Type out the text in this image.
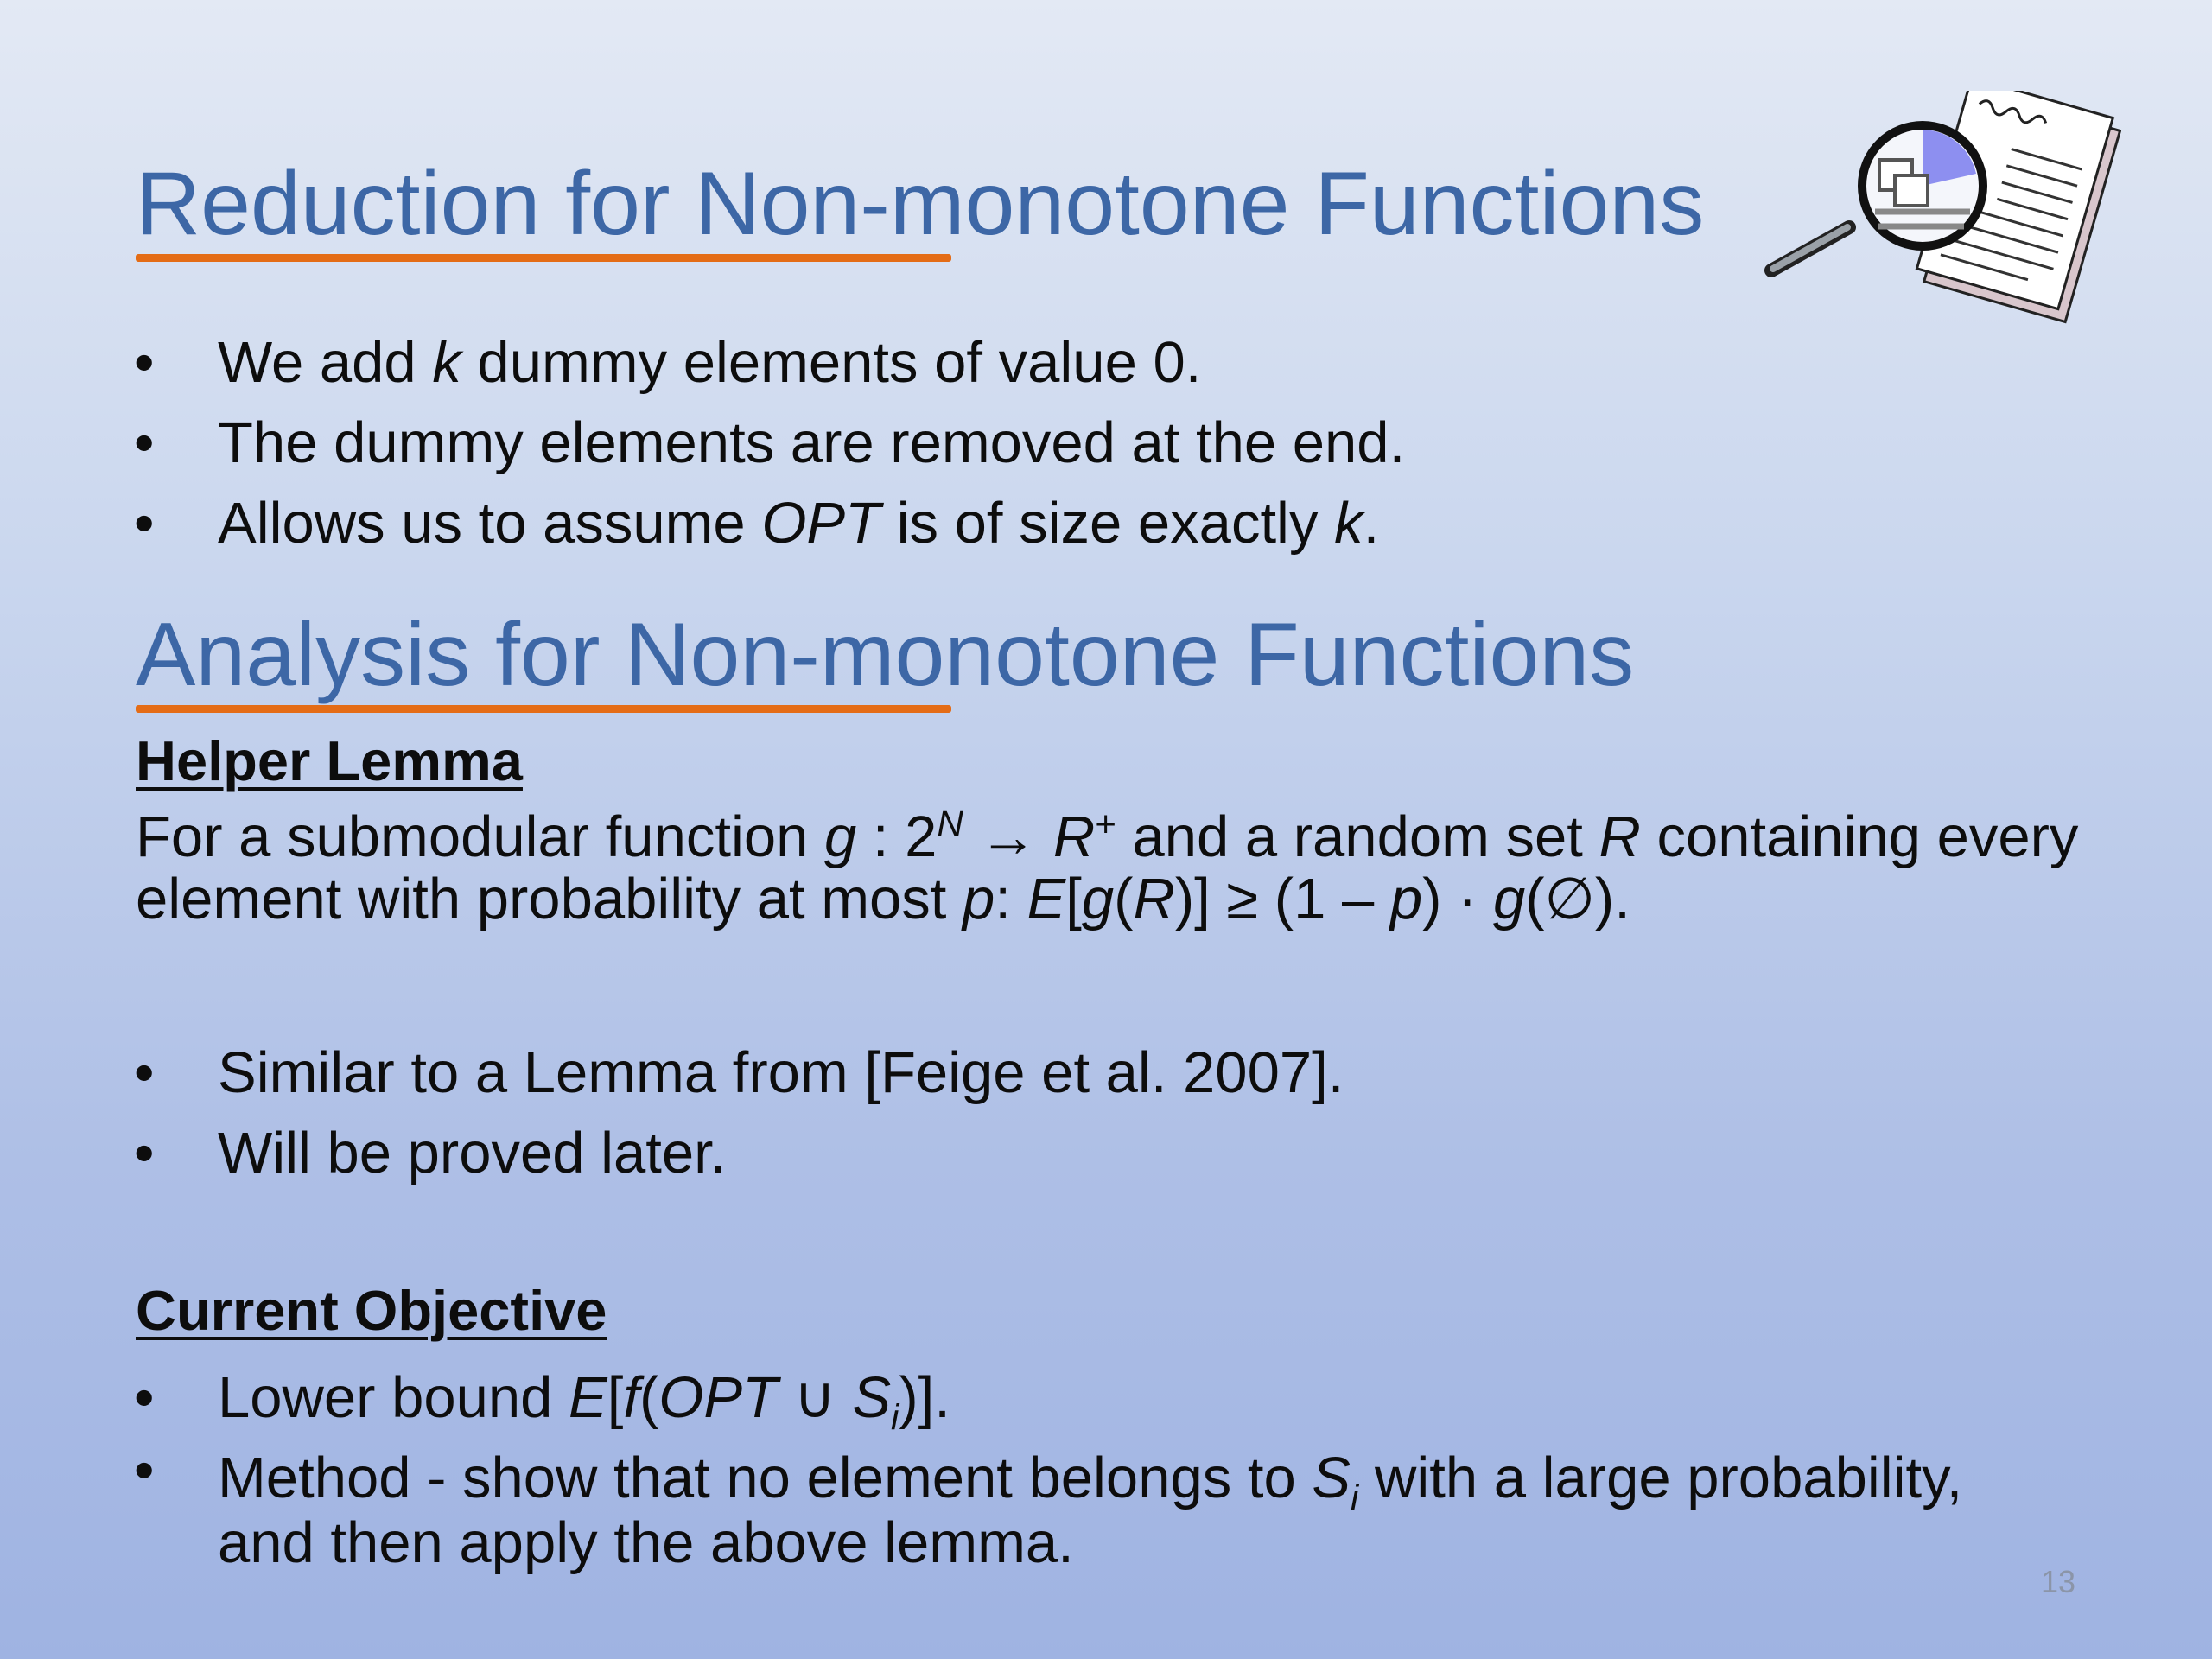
Reduction for Non-monotone Functions
• We add k dummy elements of value 0.
• The dummy elements are removed at the end.
• Allows us to assume OPT is of size exactly k.
Analysis for Non-monotone Functions
Helper Lemma

For a submodular function g : $2^N \to R^+$ and a random set R containing every element with probability at most p: E[g(R)] ≥ (1 – p) · g(∅).

• Similar to a Lemma from [Feige et al. 2007].
• Will be proved later.
Current Objective
• Lower bound E[f(OPT ∪ $S_i$)].
• Method - show that no element belongs to $S_i$ with a large probability, and then apply the above lemma.
13
